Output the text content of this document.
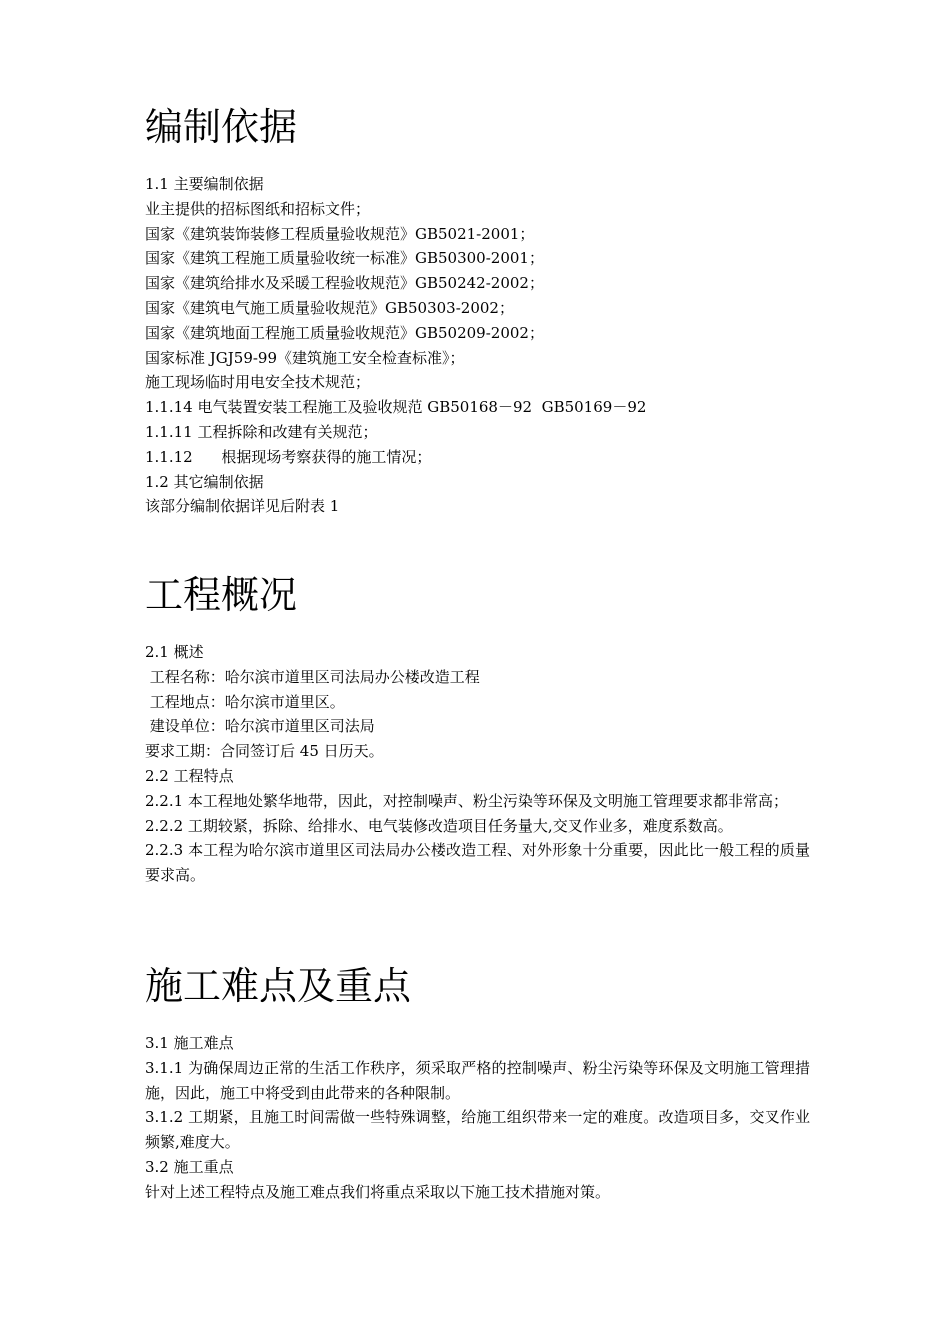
编制依据

1.1 主要编制依据

业主提供的招标图纸和招标文件；

国家《建筑装饰装修工程质量验收规范》GB5021-2001；

国家《建筑工程施工质量验收统一标准》GB50300-2001；

国家《建筑给排水及采暖工程验收规范》GB50242-2002；

国家《建筑电气施工质量验收规范》GB50303-2002；

国家《建筑地面工程施工质量验收规范》GB50209-2002；

国家标准 JGJ59-99《建筑施工安全检查标准》；

施工现场临时用电安全技术规范；

1.1.14 电气装置安装工程施工及验收规范 GB50168－92  GB50169－92

1.1.11 工程拆除和改建有关规范；

1.1.12      根据现场考察获得的施工情况；

1.2 其它编制依据

该部分编制依据详见后附表 1

工程概况

2.1 概述

工程名称：哈尔滨市道里区司法局办公楼改造工程

工程地点：哈尔滨市道里区。

建设单位：哈尔滨市道里区司法局

要求工期：合同签订后 45 日历天。

2.2 工程特点

2.2.1 本工程地处繁华地带，因此，对控制噪声、粉尘污染等环保及文明施工管理要求都非常高；

2.2.2 工期较紧，拆除、给排水、电气装修改造项目任务量大,交叉作业多，难度系数高。

2.2.3 本工程为哈尔滨市道里区司法局办公楼改造工程、对外形象十分重要，因此比一般工程的质量要求高。

施工难点及重点

3.1 施工难点

3.1.1 为确保周边正常的生活工作秩序，须采取严格的控制噪声、粉尘污染等环保及文明施工管理措施，因此，施工中将受到由此带来的各种限制。

3.1.2 工期紧，且施工时间需做一些特殊调整，给施工组织带来一定的难度。改造项目多，交叉作业频繁,难度大。

3.2 施工重点

针对上述工程特点及施工难点我们将重点采取以下施工技术措施对策。
